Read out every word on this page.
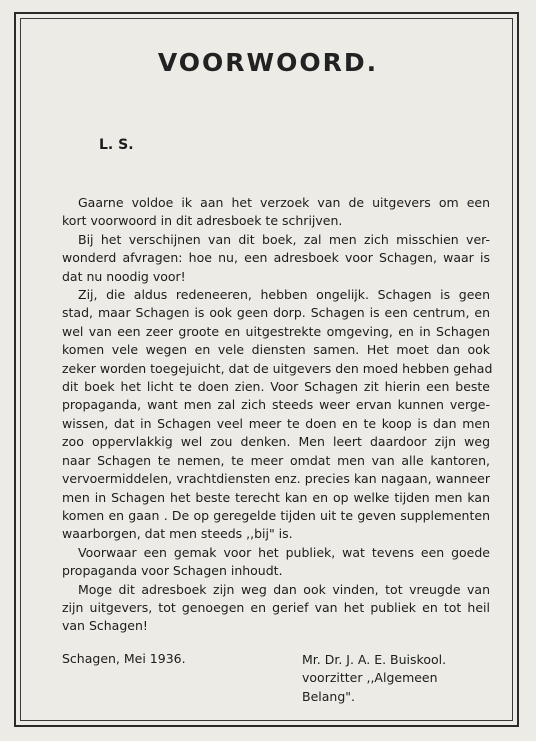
VOORWOORD.
L. S.
Gaarne voldoe ik aan het verzoek van de uitgevers om een
kort voorwoord in dit adresboek te schrijven.
Bij het verschijnen van dit boek, zal men zich misschien ver-
wonderd afvragen: hoe nu, een adresboek voor Schagen, waar is
dat nu noodig voor!
Zij, die aldus redeneeren, hebben ongelijk. Schagen is geen
stad, maar Schagen is ook geen dorp. Schagen is een centrum, en
wel van een zeer groote en uitgestrekte omgeving, en in Schagen
komen vele wegen en vele diensten samen. Het moet dan ook
zeker worden toegejuicht, dat de uitgevers den moed hebben gehad
dit boek het licht te doen zien. Voor Schagen zit hierin een beste
propaganda, want men zal zich steeds weer ervan kunnen verge-
wissen, dat in Schagen veel meer te doen en te koop is dan men
zoo oppervlakkig wel zou denken. Men leert daardoor zijn weg
naar Schagen te nemen, te meer omdat men van alle kantoren,
vervoermiddelen, vrachtdiensten enz. precies kan nagaan, wanneer
men in Schagen het beste terecht kan en op welke tijden men kan
komen en gaan . De op geregelde tijden uit te geven supplementen
waarborgen, dat men steeds ,,bij" is.
Voorwaar een gemak voor het publiek, wat tevens een goede
propaganda voor Schagen inhoudt.
Moge dit adresboek zijn weg dan ook vinden, tot vreugde van
zijn uitgevers, tot genoegen en gerief van het publiek en tot heil
van Schagen!
Schagen, Mei 1936.	Mr. Dr. J. A. E. Buiskool.
voorzitter ,,Algemeen Belang".
